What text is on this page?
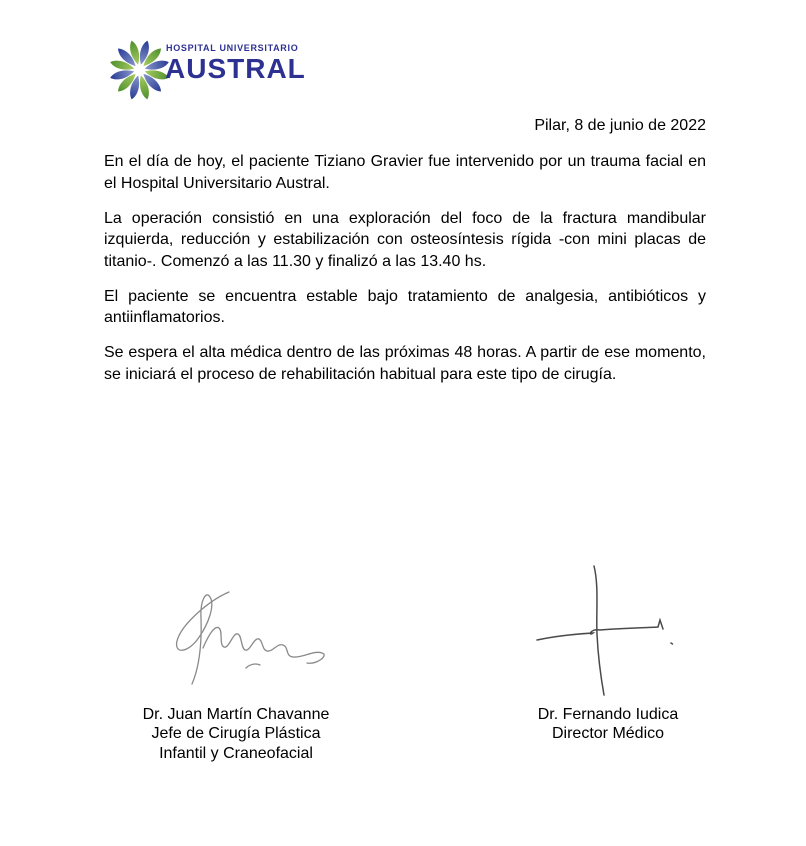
HOSPITAL UNIVERSITARIO
AUSTRAL
Pilar, 8 de junio de 2022

En el día de hoy, el paciente Tiziano Gravier fue intervenido por un trauma facial en el Hospital Universitario Austral.

La operación consistió en una exploración del foco de la fractura mandibular izquierda, reducción y estabilización con osteosíntesis rígida -con mini placas de titanio-. Comenzó a las 11.30 y finalizó a las 13.40 hs.

El paciente se encuentra estable bajo tratamiento de analgesia, antibióticos y antiinflamatorios.

Se espera el alta médica dentro de las próximas 48 horas. A partir de ese momento, se iniciará el proceso de rehabilitación habitual para este tipo de cirugía.

Dr. Juan Martín Chavanne
Jefe de Cirugía Plástica
Infantil y Craneofacial
Dr. Fernando Iudica
Director Médico
